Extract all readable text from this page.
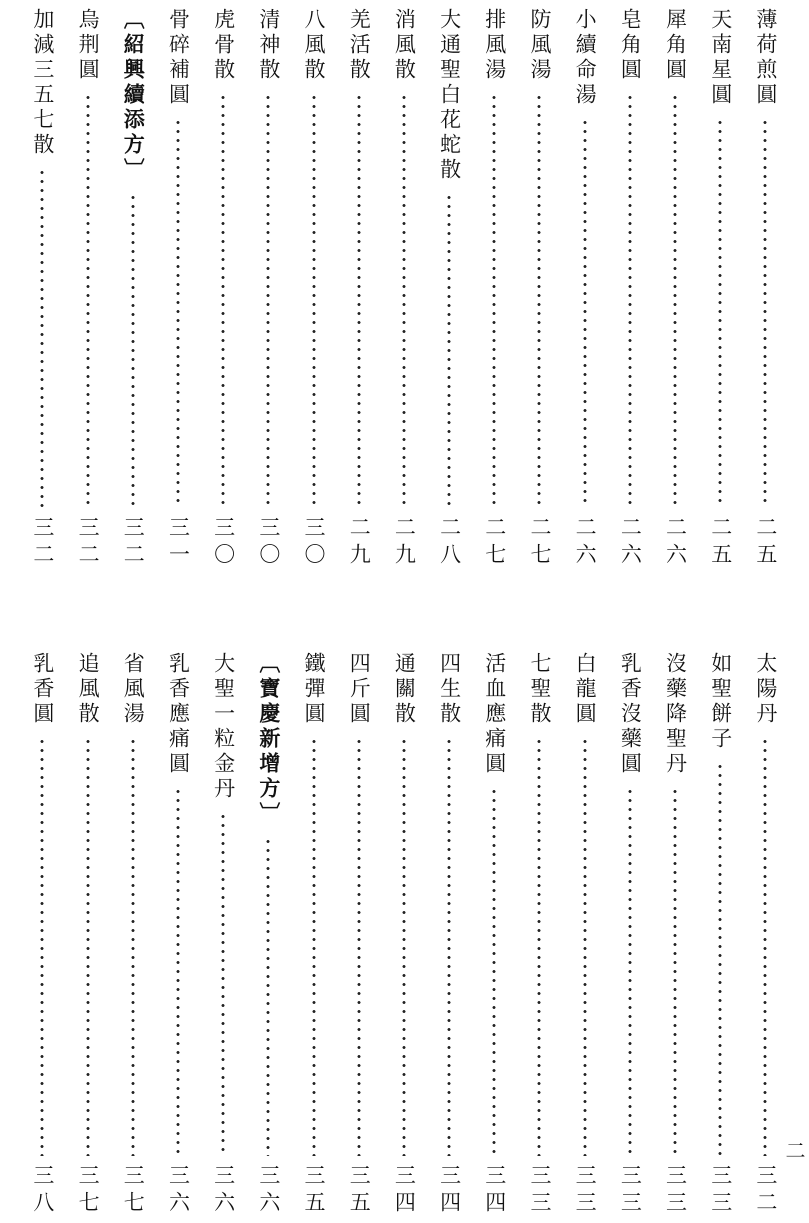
薄荷煎圓
二五
天南星圓
二五
犀角圓
二六
皂角圓
二六
小續命湯
二六
防風湯
二七
排風湯
二七
大通聖白花蛇散
二八
消風散
二九
羌活散
二九
八風散
三〇
清神散
三〇
虎骨散
三〇
骨碎補圓
三一
〔紹興續添方〕
三二
烏荆圓
三二
加減三五七散
三二
太陽丹
三二
如聖餅子
三三
沒藥降聖丹
三三
乳香沒藥圓
三三
白龍圓
三三
七聖散
三三
活血應痛圓
三四
四生散
三四
通關散
三四
四斤圓
三五
鐵彈圓
三五
〔寶慶新增方〕
三六
大聖一粒金丹
三六
乳香應痛圓
三六
省風湯
三七
追風散
三七
乳香圓
三八
二
